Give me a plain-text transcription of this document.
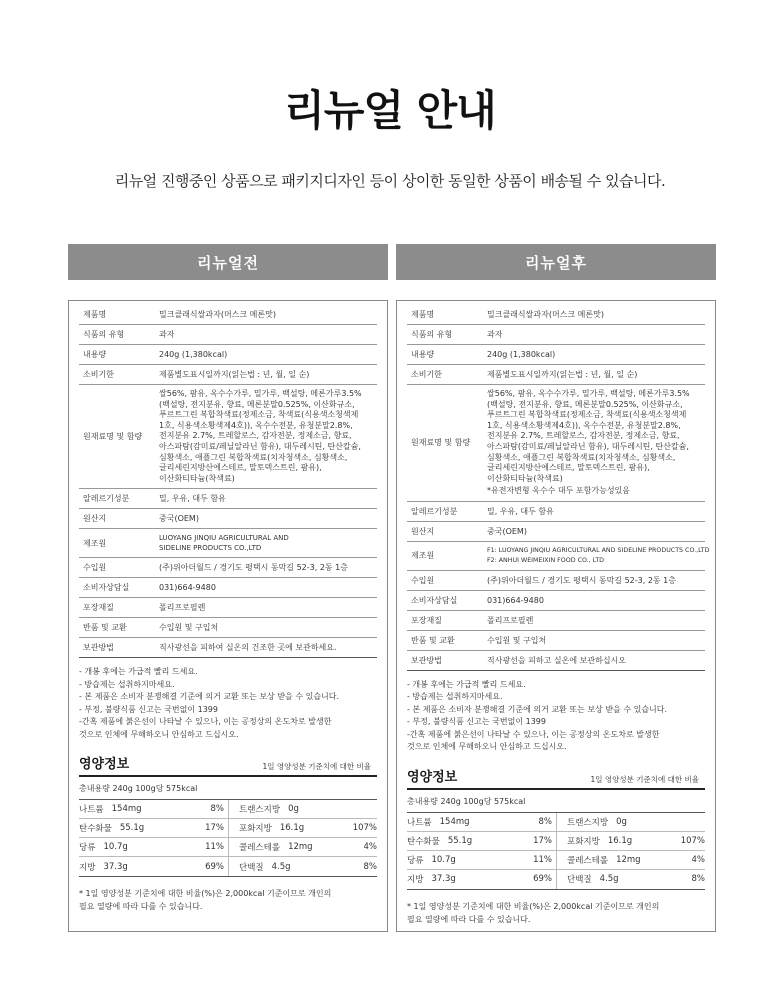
리뉴얼 안내
리뉴얼 진행중인 상품으로 패키지디자인 등이 상이한 동일한 상품이 배송될 수 있습니다.
리뉴얼전
제품명	밀크클래식쌀과자(머스크 메론맛)
식품의 유형	과자
내용량	240g (1,380kcal)
소비기한	제품별도표시일까지(읽는법 : 년, 월, 일 순)
원재료명 및 함량
쌀56%, 팜유, 옥수수가루, 밀가루, 백설탕, 메론가루3.5%
(백설탕, 전지분유, 향료, 메론분말0.525%, 이산화규소,
푸르트그린 복합착색료(정제소금, 착색료(식용색소청색제
1호, 식용색소황색제4호)), 옥수수전분, 유청분말2.8%,
전지분유 2.7%, 트레할로스, 감자전분, 정제소금, 향료,
아스파탐(감미료/페닐알라닌 함유), 대두레시틴, 탄산칼슘,
심황색소, 애플그린 복합착색료(치자청색소, 심황색소,
글리세린지방산에스테르, 말토덱스트린, 팜유),
이산화티타늄(착색료)
알레르기성분	밀, 우유, 대두 함유
원산지	중국(OEM)
제조원
LUOYANG JINQIU AGRICULTURAL AND
SIDELINE PRODUCTS CO.,LTD
수입원	(주)위아더월드 / 경기도 평택시 동막길 52-3, 2동 1층
소비자상담실	031)664-9480
포장재질	폴리프로필렌
반품 및 교환	수입원 및 구입처
보관방법	직사광선을 피하여 실온의 건조한 곳에 보관하세요.
- 개봉 후에는 가급적 빨리 드세요.
- 방습제는 섭취하지마세요.
- 본 제품은 소비자 분쟁해결 기준에 의거 교환 또는 보상 받을 수 있습니다.
- 부정, 불량식품 신고는 국번없이 1399
-간혹 제품에 붉은선이 나타날 수 있으나, 이는 공정상의 온도차로 발생한
것으로 인체에 무해하오니 안심하고 드십시오.
영양정보	1일 영양성분 기준치에 대한 비율
총내용량 240g 100g당 575kcal
나트륨 154mg	8% 트랜스지방 0g
탄수화물 55.1g	17% 포화지방 16.1g	107%
당류 10.7g	11% 콜레스테롤 12mg	4%
지방 37.3g	69% 단백질 4.5g	8%
* 1일 영양성분 기준치에 대한 비율(%)은 2,000kcal 기준이므로 개인의
필요 열량에 따라 다를 수 있습니다.
리뉴얼후
제품명	밀크클래식쌀과자(머스크 메론맛)
식품의 유형	과자
내용량	240g (1,380kcal)
소비기한	제품별도표시일까지(읽는법 : 년, 월, 일 순)
원재료명 및 함량
쌀56%, 팜유, 옥수수가루, 밀가루, 백설탕, 메론가루3.5%
(백설탕, 전지분유, 향료, 메론분말0.525%, 이산화규소,
푸르트그린 복합착색료(정제소금, 착색료(식용색소청색제
1호, 식용색소황색제4호)), 옥수수전분, 유청분말2.8%,
전지분유 2.7%, 트레할로스, 감자전분, 정제소금, 향료,
아스파탐(감미료/페닐알라닌 함유), 대두레시틴, 탄산칼슘,
심황색소, 애플그린 복합착색료(치자청색소, 심황색소,
글리세린지방산에스테르, 말토덱스트린, 팜유),
이산화티타늄(착색료)
*유전자변형 옥수수 대두 포함가능성있음
알레르기성분	밀, 우유, 대두 함유
원산지	중국(OEM)
제조원
F1: LUOYANG JINQIU AGRICULTURAL AND SIDELINE PRODUCTS CO.,LTD
F2: ANHUI WEIMEIXIN FOOD CO., LTD
수입원	(주)위아더월드 / 경기도 평택시 동막길 52-3, 2동 1층
소비자상담실	031)664-9480
포장재질	폴리프로필렌
반품 및 교환	수입원 및 구입처
보관방법	직사광선을 피하고 실온에 보관하십시오
- 개봉 후에는 가급적 빨리 드세요.
- 방습제는 섭취하지마세요.
- 본 제품은 소비자 분쟁해결 기준에 의거 교환 또는 보상 받을 수 있습니다.
- 부정, 불량식품 신고는 국번없이 1399
-간혹 제품에 붉은선이 나타날 수 있으나, 이는 공정상의 온도차로 발생한
것으로 인체에 무해하오니 안심하고 드십시오.
영양정보	1일 영양성분 기준치에 대한 비율
총내용량 240g 100g당 575kcal
나트륨 154mg	8% 트랜스지방 0g
탄수화물 55.1g	17% 포화지방 16.1g	107%
당류 10.7g	11% 콜레스테롤 12mg	4%
지방 37.3g	69% 단백질 4.5g	8%
* 1일 영양성분 기준치에 대한 비율(%)은 2,000kcal 기준이므로 개인의
필요 열량에 따라 다를 수 있습니다.
